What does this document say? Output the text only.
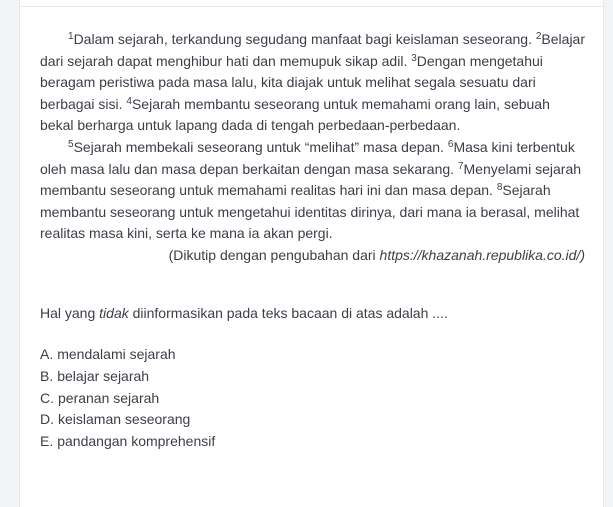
$^1$Dalam sejarah, terkandung segudang manfaat bagi keislaman seseorang. $^2$Belajar dari sejarah dapat menghibur hati dan memupuk sikap adil. $^3$Dengan mengetahui beragam peristiwa pada masa lalu, kita diajak untuk melihat segala sesuatu dari berbagai sisi. $^4$Sejarah membantu seseorang untuk memahami orang lain, sebuah bekal berharga untuk lapang dada di tengah perbedaan-perbedaan.

$^5$Sejarah membekali seseorang untuk “melihat” masa depan. $^6$Masa kini terbentuk oleh masa lalu dan masa depan berkaitan dengan masa sekarang. $^7$Menyelami sejarah membantu seseorang untuk memahami realitas hari ini dan masa depan. $^8$Sejarah membantu seseorang untuk mengetahui identitas dirinya, dari mana ia berasal, melihat realitas masa kini, serta ke mana ia akan pergi.

(Dikutip dengan pengubahan dari https://khazanah.republika.co.id/)

Hal yang tidak diinformasikan pada teks bacaan di atas adalah ....

A. mendalami sejarah
B. belajar sejarah
C. peranan sejarah
D. keislaman seseorang
E. pandangan komprehensif
